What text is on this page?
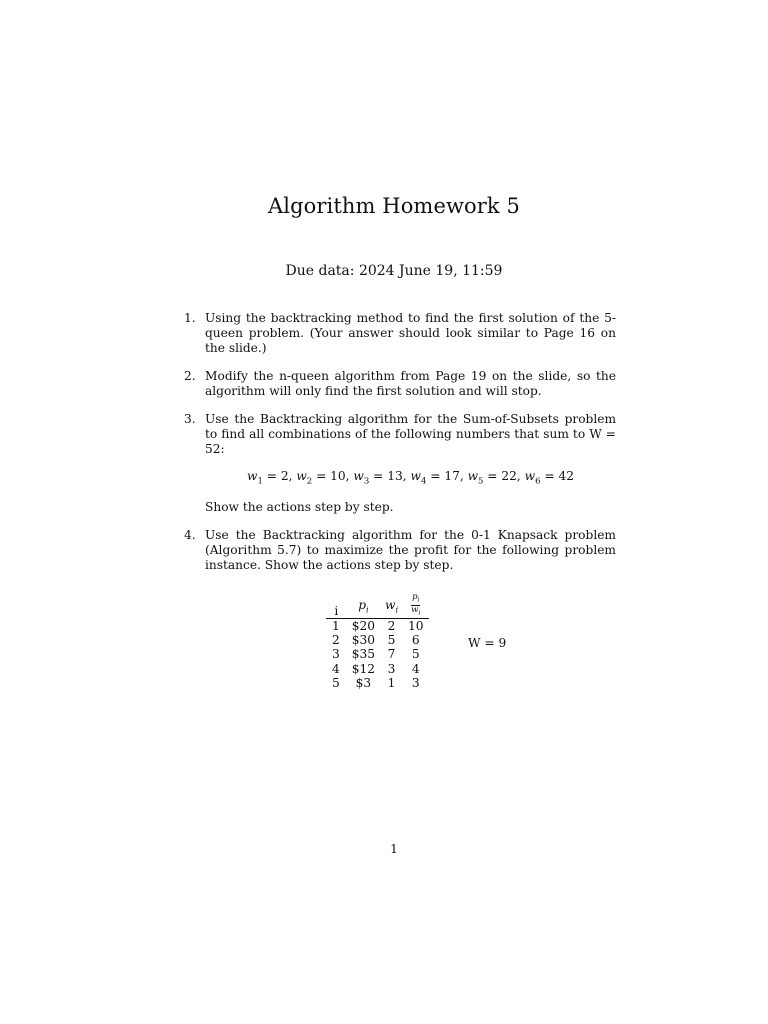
Algorithm Homework 5
Due data: 2024 June 19, 11:59
1. Using the backtracking method to find the first solution of the 5-queen problem. (Your answer should look similar to Page 16 on the slide.)

2. Modify the n-queen algorithm from Page 19 on the slide, so the algorithm will only find the first solution and will stop.

3. Use the Backtracking algorithm for the Sum-of-Subsets problem to find all combinations of the following numbers that sum to W = 52:

$w_1 = 2$, $w_2 = 10$, $w_3 = 13$, $w_4 = 17$, $w_5 = 22$, $w_6 = 42$

Show the actions step by step.

4. Use the Backtracking algorithm for the 0-1 Knapsack problem (Algorithm 5.7) to maximize the profit for the following problem instance. Show the actions step by step.

i	$p_i$	$w_i$	$\frac{p_i}{w_i}$

1	$20	2	10
2	$30	5	6
3	$35	7	5
4	$12	3	4
5	$3	1	3
W = 9
1
